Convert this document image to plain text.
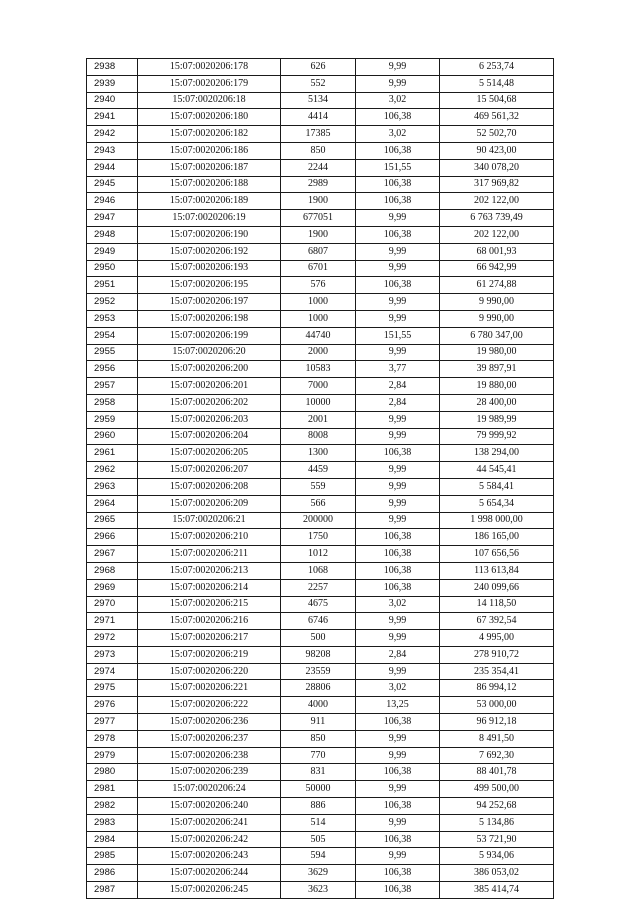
2938	15:07:0020206:178	626	9,99	6 253,74
2939	15:07:0020206:179	552	9,99	5 514,48
2940	15:07:0020206:18	5134	3,02	15 504,68
2941	15:07:0020206:180	4414	106,38	469 561,32
2942	15:07:0020206:182	17385	3,02	52 502,70
2943	15:07:0020206:186	850	106,38	90 423,00
2944	15:07:0020206:187	2244	151,55	340 078,20
2945	15:07:0020206:188	2989	106,38	317 969,82
2946	15:07:0020206:189	1900	106,38	202 122,00
2947	15:07:0020206:19	677051	9,99	6 763 739,49
2948	15:07:0020206:190	1900	106,38	202 122,00
2949	15:07:0020206:192	6807	9,99	68 001,93
2950	15:07:0020206:193	6701	9,99	66 942,99
2951	15:07:0020206:195	576	106,38	61 274,88
2952	15:07:0020206:197	1000	9,99	9 990,00
2953	15:07:0020206:198	1000	9,99	9 990,00
2954	15:07:0020206:199	44740	151,55	6 780 347,00
2955	15:07:0020206:20	2000	9,99	19 980,00
2956	15:07:0020206:200	10583	3,77	39 897,91
2957	15:07:0020206:201	7000	2,84	19 880,00
2958	15:07:0020206:202	10000	2,84	28 400,00
2959	15:07:0020206:203	2001	9,99	19 989,99
2960	15:07:0020206:204	8008	9,99	79 999,92
2961	15:07:0020206:205	1300	106,38	138 294,00
2962	15:07:0020206:207	4459	9,99	44 545,41
2963	15:07:0020206:208	559	9,99	5 584,41
2964	15:07:0020206:209	566	9,99	5 654,34
2965	15:07:0020206:21	200000	9,99	1 998 000,00
2966	15:07:0020206:210	1750	106,38	186 165,00
2967	15:07:0020206:211	1012	106,38	107 656,56
2968	15:07:0020206:213	1068	106,38	113 613,84
2969	15:07:0020206:214	2257	106,38	240 099,66
2970	15:07:0020206:215	4675	3,02	14 118,50
2971	15:07:0020206:216	6746	9,99	67 392,54
2972	15:07:0020206:217	500	9,99	4 995,00
2973	15:07:0020206:219	98208	2,84	278 910,72
2974	15:07:0020206:220	23559	9,99	235 354,41
2975	15:07:0020206:221	28806	3,02	86 994,12
2976	15:07:0020206:222	4000	13,25	53 000,00
2977	15:07:0020206:236	911	106,38	96 912,18
2978	15:07:0020206:237	850	9,99	8 491,50
2979	15:07:0020206:238	770	9,99	7 692,30
2980	15:07:0020206:239	831	106,38	88 401,78
2981	15:07:0020206:24	50000	9,99	499 500,00
2982	15:07:0020206:240	886	106,38	94 252,68
2983	15:07:0020206:241	514	9,99	5 134,86
2984	15:07:0020206:242	505	106,38	53 721,90
2985	15:07:0020206:243	594	9,99	5 934,06
2986	15:07:0020206:244	3629	106,38	386 053,02
2987	15:07:0020206:245	3623	106,38	385 414,74
